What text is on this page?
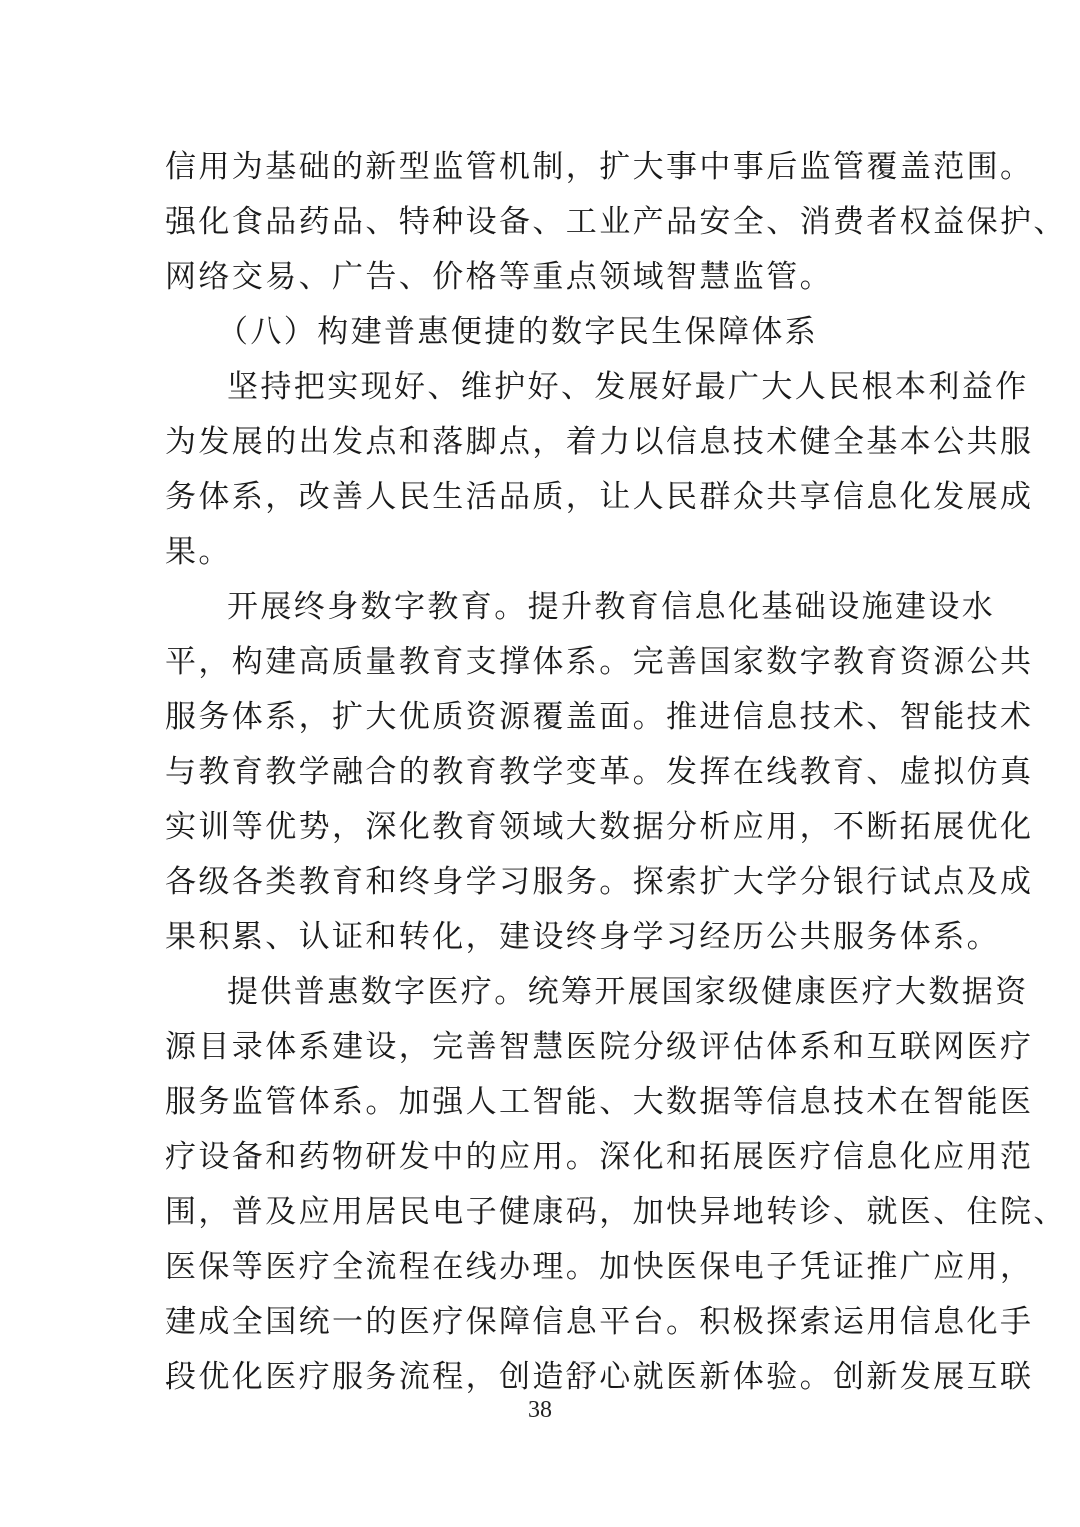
信用为基础的新型监管机制，扩大事中事后监管覆盖范围。
强化食品药品、特种设备、工业产品安全、消费者权益保护、
网络交易、广告、价格等重点领域智慧监管。
（八）构建普惠便捷的数字民生保障体系
坚持把实现好、维护好、发展好最广大人民根本利益作
为发展的出发点和落脚点，着力以信息技术健全基本公共服
务体系，改善人民生活品质，让人民群众共享信息化发展成
果。
开展终身数字教育。提升教育信息化基础设施建设水
平，构建高质量教育支撑体系。完善国家数字教育资源公共
服务体系，扩大优质资源覆盖面。推进信息技术、智能技术
与教育教学融合的教育教学变革。发挥在线教育、虚拟仿真
实训等优势，深化教育领域大数据分析应用，不断拓展优化
各级各类教育和终身学习服务。探索扩大学分银行试点及成
果积累、认证和转化，建设终身学习经历公共服务体系。
提供普惠数字医疗。统筹开展国家级健康医疗大数据资
源目录体系建设，完善智慧医院分级评估体系和互联网医疗
服务监管体系。加强人工智能、大数据等信息技术在智能医
疗设备和药物研发中的应用。深化和拓展医疗信息化应用范
围，普及应用居民电子健康码，加快异地转诊、就医、住院、
医保等医疗全流程在线办理。加快医保电子凭证推广应用，
建成全国统一的医疗保障信息平台。积极探索运用信息化手
段优化医疗服务流程，创造舒心就医新体验。创新发展互联
38
